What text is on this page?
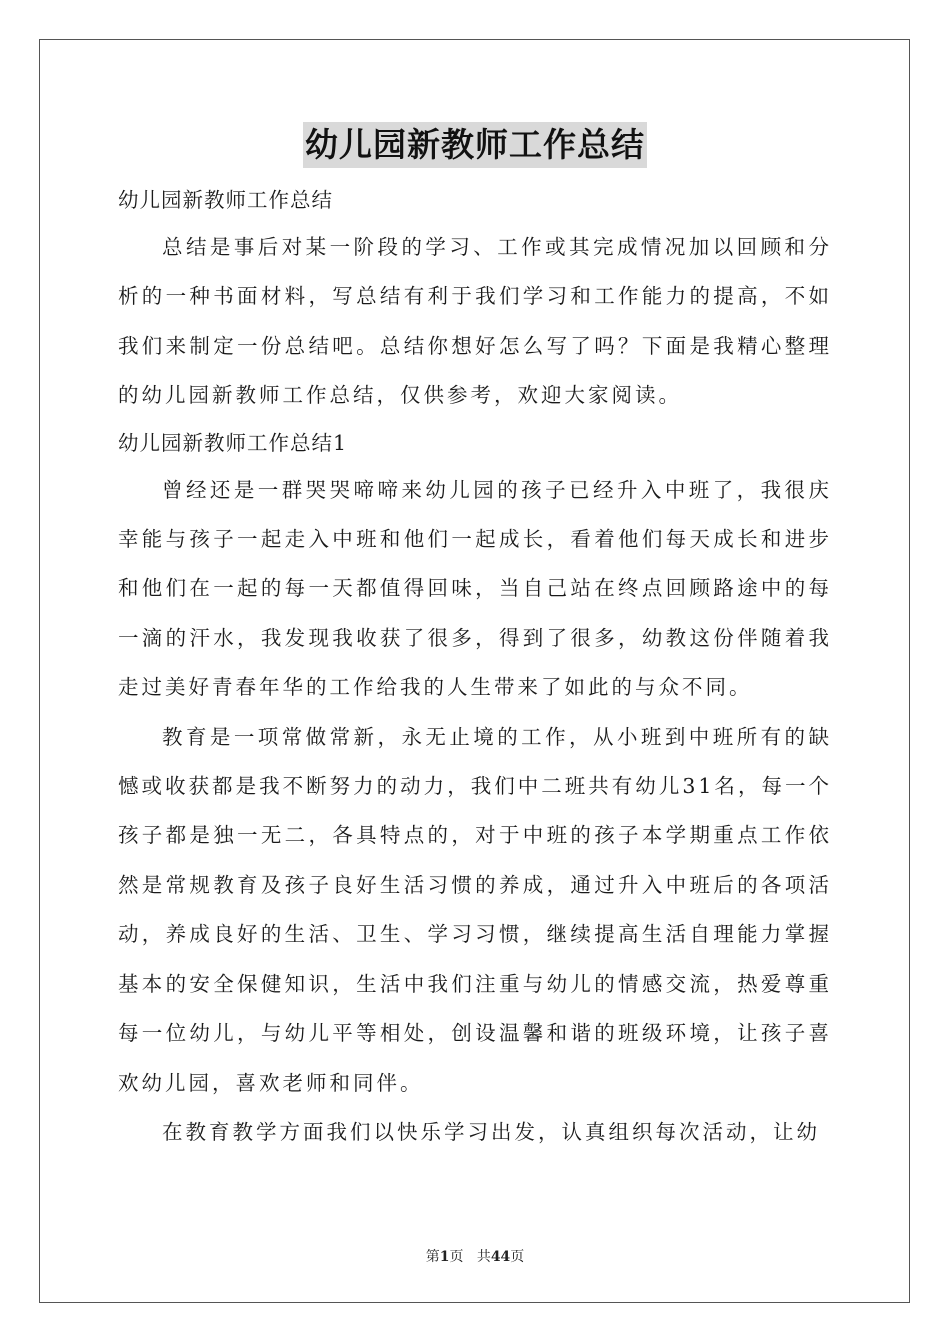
幼儿园新教师工作总结

幼儿园新教师工作总结

总结是事后对某一阶段的学习、工作或其完成情况加以回顾和分析的一种书面材料，写总结有利于我们学习和工作能力的提高，不如我们来制定一份总结吧。总结你想好怎么写了吗？下面是我精心整理的幼儿园新教师工作总结，仅供参考，欢迎大家阅读。

幼儿园新教师工作总结1

曾经还是一群哭哭啼啼来幼儿园的孩子已经升入中班了，我很庆幸能与孩子一起走入中班和他们一起成长，看着他们每天成长和进步和他们在一起的每一天都值得回味，当自己站在终点回顾路途中的每一滴的汗水，我发现我收获了很多，得到了很多，幼教这份伴随着我走过美好青春年华的工作给我的人生带来了如此的与众不同。

教育是一项常做常新，永无止境的工作，从小班到中班所有的缺憾或收获都是我不断努力的动力，我们中二班共有幼儿31名，每一个孩子都是独一无二，各具特点的，对于中班的孩子本学期重点工作依然是常规教育及孩子良好生活习惯的养成，通过升入中班后的各项活动，养成良好的生活、卫生、学习习惯，继续提高生活自理能力掌握基本的安全保健知识，生活中我们注重与幼儿的情感交流，热爱尊重每一位幼儿，与幼儿平等相处，创设温馨和谐的班级环境，让孩子喜欢幼儿园，喜欢老师和同伴。

在教育教学方面我们以快乐学习出发，认真组织每次活动，让幼

第1页 共44页
